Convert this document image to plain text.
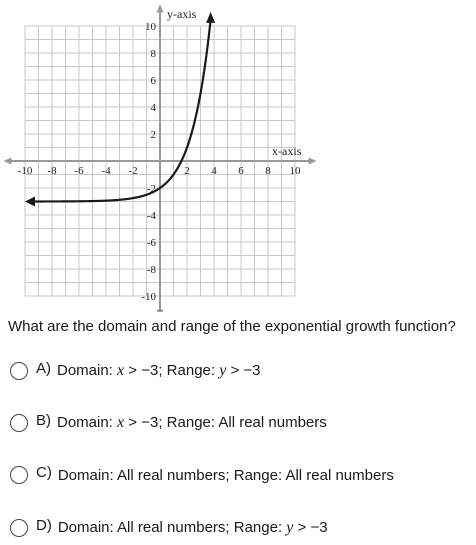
-10 -8 -6 -4 -2	2 4 6 8 10
10
8
6
4
2
-2
-4
-6
-8
-10
x-axis
y-axis
What are the domain and range of the exponential growth function?
A) Domain: x > −3; Range: y > −3
B) Domain: x > −3; Range: All real numbers
C) Domain: All real numbers; Range: All real numbers
D) Domain: All real numbers; Range: y > −3
